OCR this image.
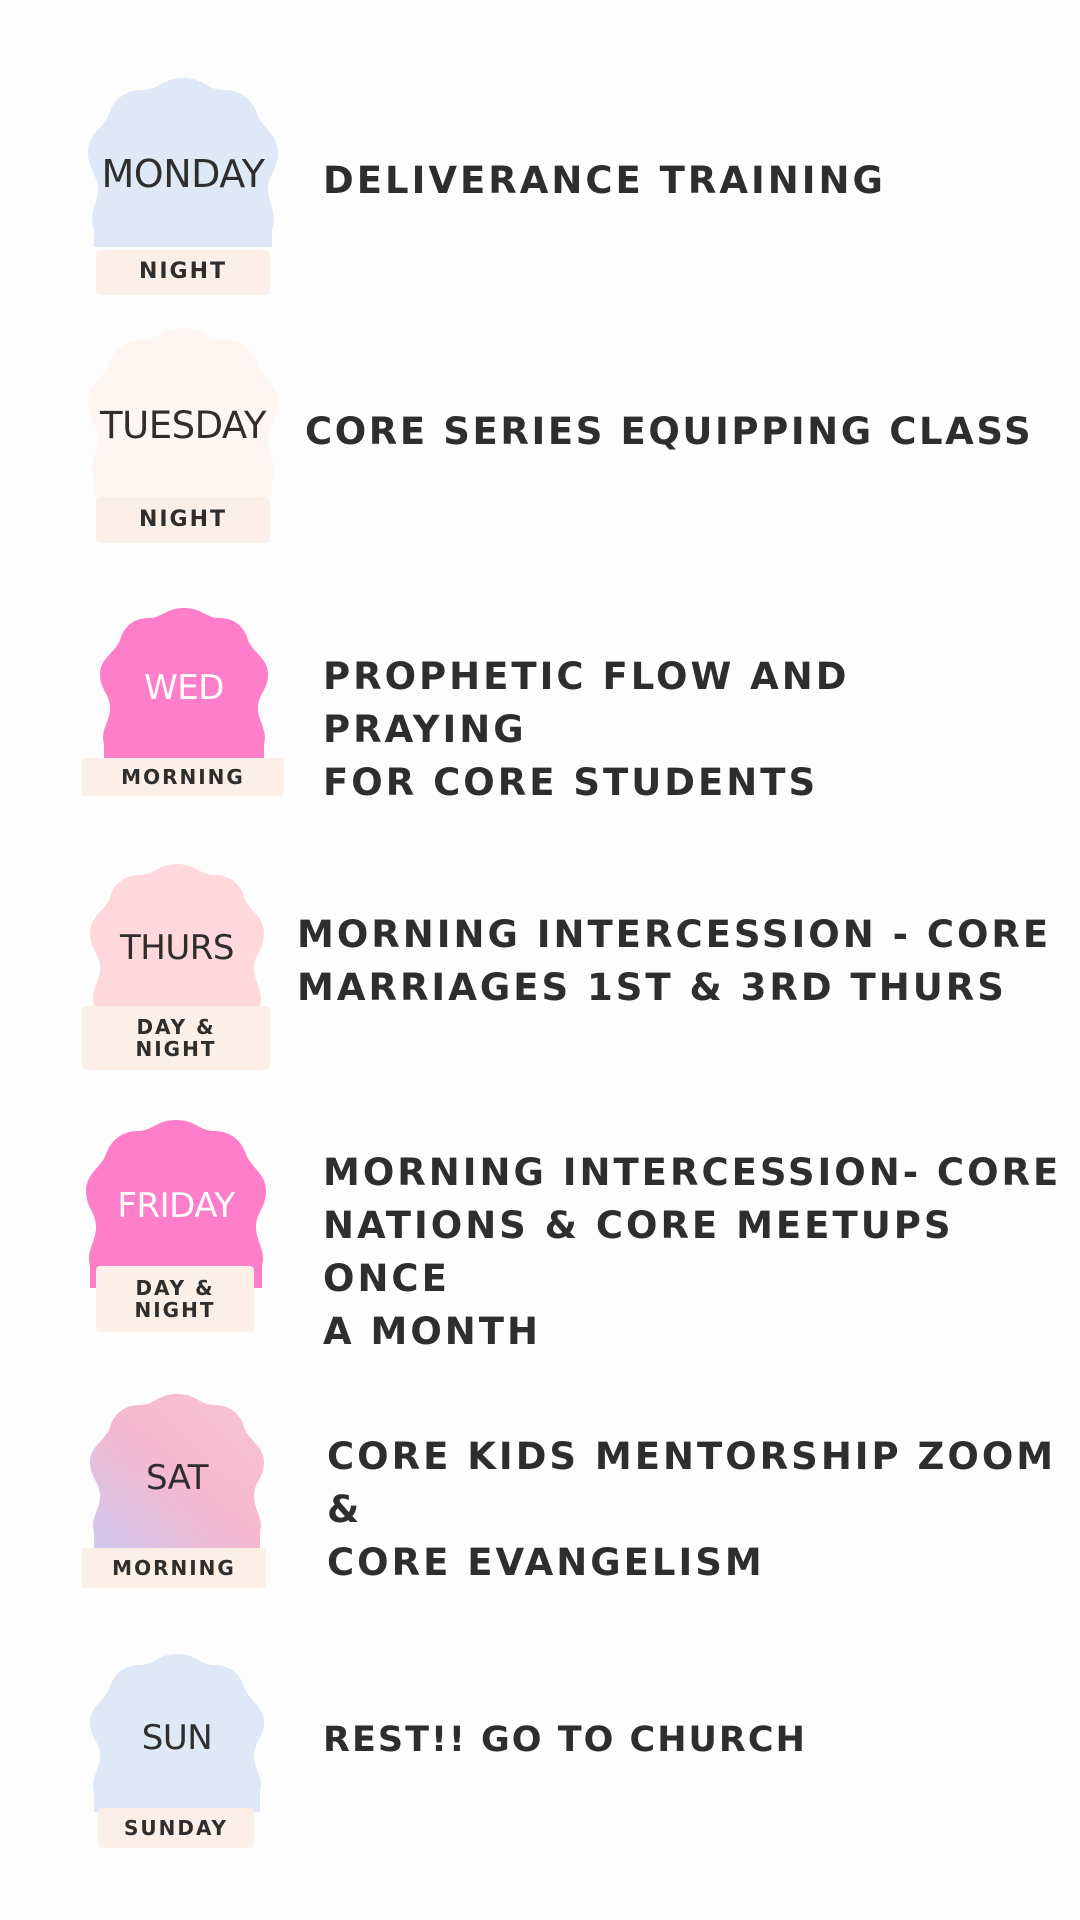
MONDAY
NIGHT
DELIVERANCE TRAINING
TUESDAY
NIGHT
CORE SERIES EQUIPPING CLASS
WED
MORNING
PROPHETIC FLOW AND PRAYING
FOR CORE STUDENTS
THURS
DAY &
NIGHT
MORNING INTERCESSION - CORE
MARRIAGES 1ST & 3RD THURS
FRIDAY
DAY &
NIGHT
MORNING INTERCESSION- CORE
NATIONS & CORE MEETUPS ONCE
A MONTH
SAT
MORNING
CORE KIDS MENTORSHIP ZOOM &
CORE EVANGELISM
SUN
SUNDAY
REST!! GO TO CHURCH
